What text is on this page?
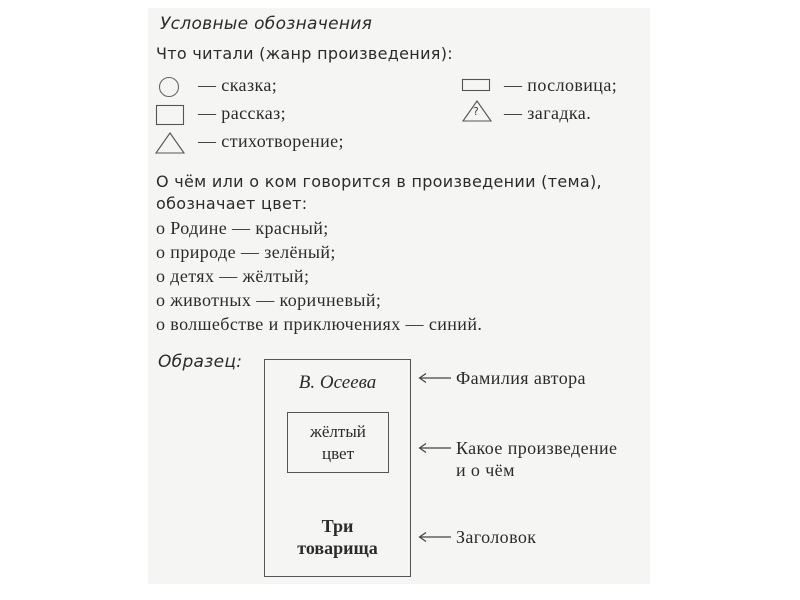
Условные обозначения
Что читали (жанр произведения):
— сказка;
— рассказ;
— стихотворение;
— пословица;
? — загадка.
О чём или о ком говорится в произведении (тема),
обозначает цвет:
о Родине — красный;
о природе — зелёный;
о детях — жёлтый;
о животных — коричневый;
о волшебстве и приключениях — синий.
Образец:
В. Осеева
жёлтый
цвет
Три
товарища
Фамилия автора
Какое произведение
и о чём
Заголовок
